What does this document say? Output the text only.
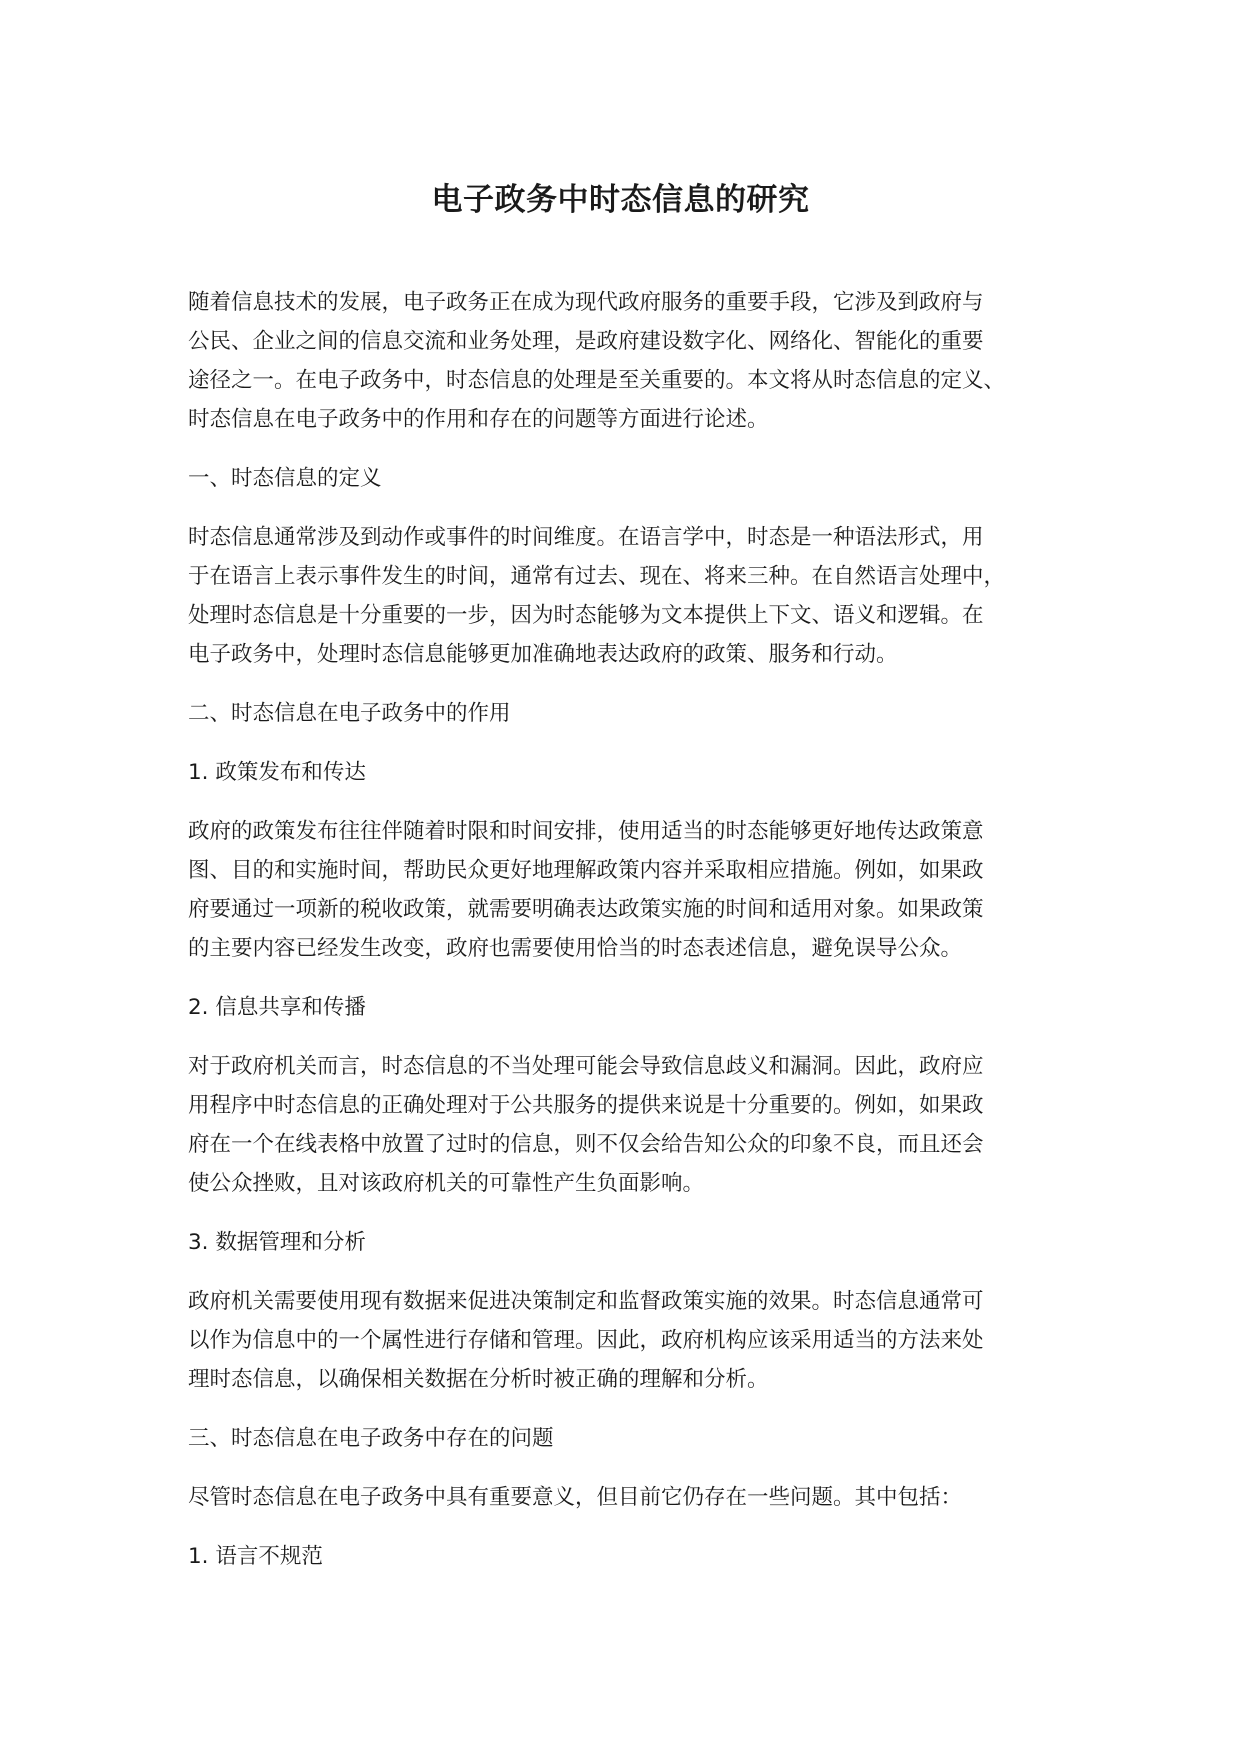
电子政务中时态信息的研究

随着信息技术的发展，电子政务正在成为现代政府服务的重要手段，它涉及到政府与
公民、企业之间的信息交流和业务处理，是政府建设数字化、网络化、智能化的重要
途径之一。在电子政务中，时态信息的处理是至关重要的。本文将从时态信息的定义、
时态信息在电子政务中的作用和存在的问题等方面进行论述。

一、时态信息的定义

时态信息通常涉及到动作或事件的时间维度。在语言学中，时态是一种语法形式，用
于在语言上表示事件发生的时间，通常有过去、现在、将来三种。在自然语言处理中，
处理时态信息是十分重要的一步，因为时态能够为文本提供上下文、语义和逻辑。在
电子政务中，处理时态信息能够更加准确地表达政府的政策、服务和行动。

二、时态信息在电子政务中的作用

1. 政策发布和传达

政府的政策发布往往伴随着时限和时间安排，使用适当的时态能够更好地传达政策意
图、目的和实施时间，帮助民众更好地理解政策内容并采取相应措施。例如，如果政
府要通过一项新的税收政策，就需要明确表达政策实施的时间和适用对象。如果政策
的主要内容已经发生改变，政府也需要使用恰当的时态表述信息，避免误导公众。

2. 信息共享和传播

对于政府机关而言，时态信息的不当处理可能会导致信息歧义和漏洞。因此，政府应
用程序中时态信息的正确处理对于公共服务的提供来说是十分重要的。例如，如果政
府在一个在线表格中放置了过时的信息，则不仅会给告知公众的印象不良，而且还会
使公众挫败，且对该政府机关的可靠性产生负面影响。

3. 数据管理和分析

政府机关需要使用现有数据来促进决策制定和监督政策实施的效果。时态信息通常可
以作为信息中的一个属性进行存储和管理。因此，政府机构应该采用适当的方法来处
理时态信息，以确保相关数据在分析时被正确的理解和分析。

三、时态信息在电子政务中存在的问题

尽管时态信息在电子政务中具有重要意义，但目前它仍存在一些问题。其中包括：

1. 语言不规范
